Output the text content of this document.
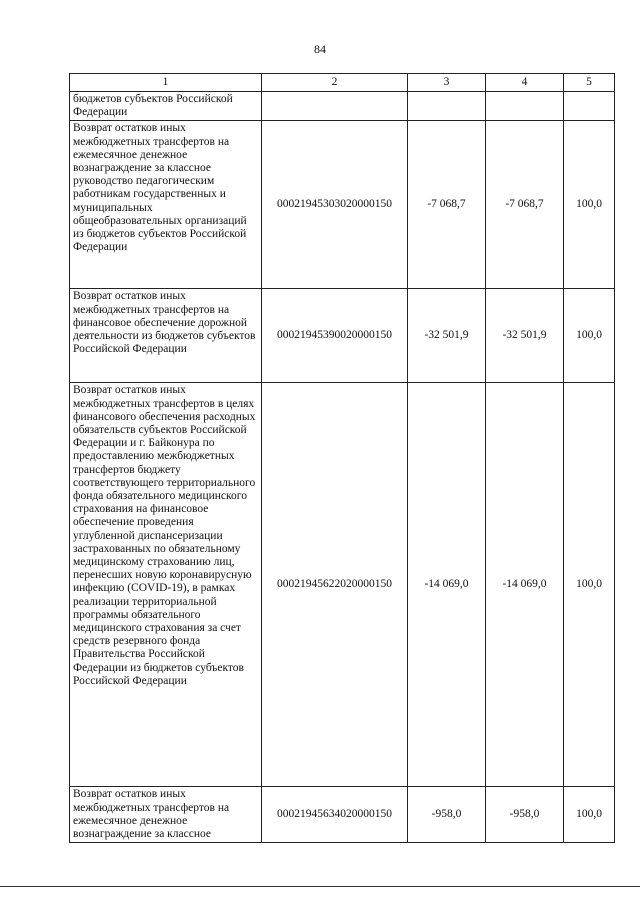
84
1	2	3	4	5
бюджетов субъектов Российской Федерации				
Возврат остатков иных межбюджетных трансфертов на ежемесячное денежное вознаграждение за классное руководство педагогическим работникам государственных и муниципальных общеобразовательных организаций из бюджетов субъектов Российской Федерации	00021945303020000150	-7 068,7	-7 068,7	100,0
Возврат остатков иных межбюджетных трансфертов на финансовое обеспечение дорожной деятельности из бюджетов субъектов Российской Федерации	00021945390020000150	-32 501,9	-32 501,9	100,0
Возврат остатков иных межбюджетных трансфертов в целях финансового обеспечения расходных обязательств субъектов Российской Федерации и г. Байконура по предоставлению межбюджетных трансфертов бюджету соответствующего территориального фонда обязательного медицинского страхования на финансовое обеспечение проведения углубленной диспансеризации застрахованных по обязательному медицинскому страхованию лиц, перенесших новую коронавирусную инфекцию (COVID-19), в рамках реализации территориальной программы обязательного медицинского страхования за счет средств резервного фонда Правительства Российской Федерации из бюджетов субъектов Российской Федерации	00021945622020000150	-14 069,0	-14 069,0	100,0
Возврат остатков иных межбюджетных трансфертов на ежемесячное денежное вознаграждение за классное	00021945634020000150	-958,0	-958,0	100,0
